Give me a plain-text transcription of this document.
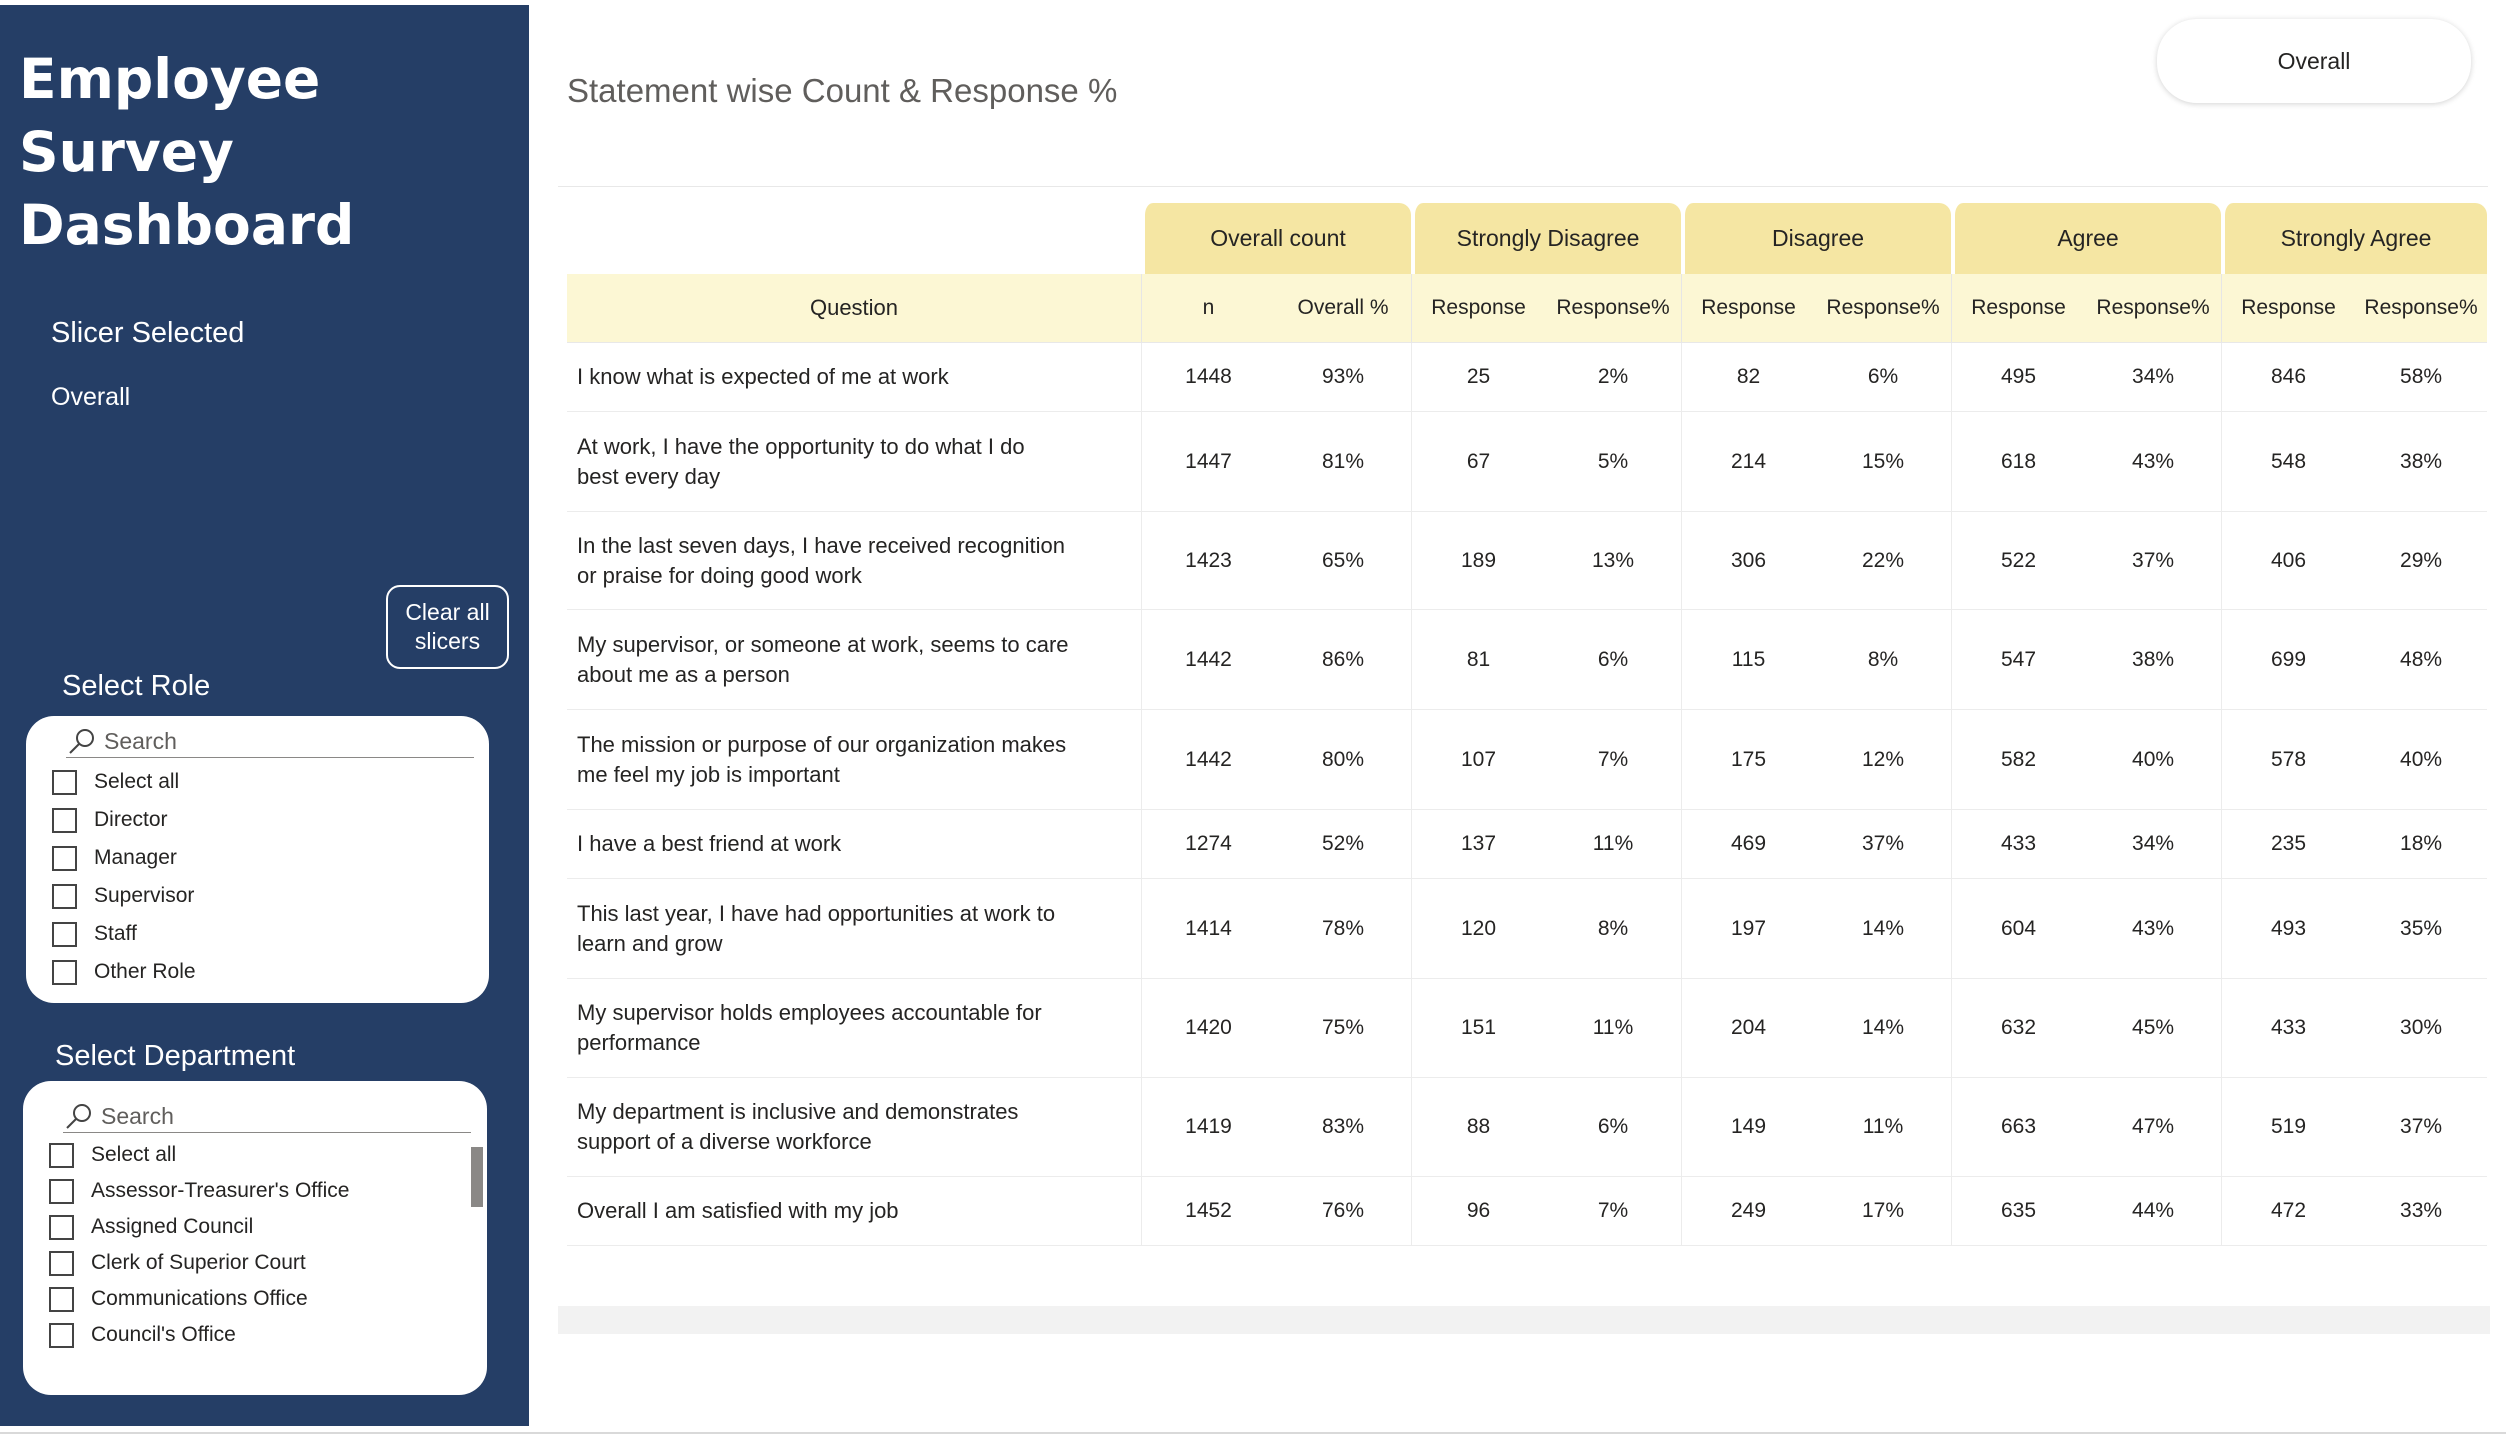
Employee Survey Dashboard
Slicer Selected
Overall
Clear all slicers
Select Role
Search
Select all
Director
Manager
Supervisor
Staff
Other Role
Select Department
Search
Select all
Assessor-Treasurer's Office
Assigned Council
Clerk of Superior Court
Communications Office
Council's Office
Statement wise Count & Response %
Overall
	Overall count		Strongly Disagree		Disagree		Agree		Strongly Agree	
Question	n	Overall %	Response	Response%	Response	Response%	Response	Response%	Response	Response%
I know what is expected of me at work	1448	93%	25	2%	82	6%	495	34%	846	58%
At work, I have the opportunity to do what I do best every day	1447	81%	67	5%	214	15%	618	43%	548	38%
In the last seven days, I have received recognition or praise for doing good work	1423	65%	189	13%	306	22%	522	37%	406	29%
My supervisor, or someone at work, seems to care about me as a person	1442	86%	81	6%	115	8%	547	38%	699	48%
The mission or purpose of our organization makes me feel my job is important	1442	80%	107	7%	175	12%	582	40%	578	40%
I have a best friend at work	1274	52%	137	11%	469	37%	433	34%	235	18%
This last year, I have had opportunities at work to learn and grow	1414	78%	120	8%	197	14%	604	43%	493	35%
My supervisor holds employees accountable for performance	1420	75%	151	11%	204	14%	632	45%	433	30%
My department is inclusive and demonstrates support of a diverse workforce	1419	83%	88	6%	149	11%	663	47%	519	37%
Overall I am satisfied with my job	1452	76%	96	7%	249	17%	635	44%	472	33%
